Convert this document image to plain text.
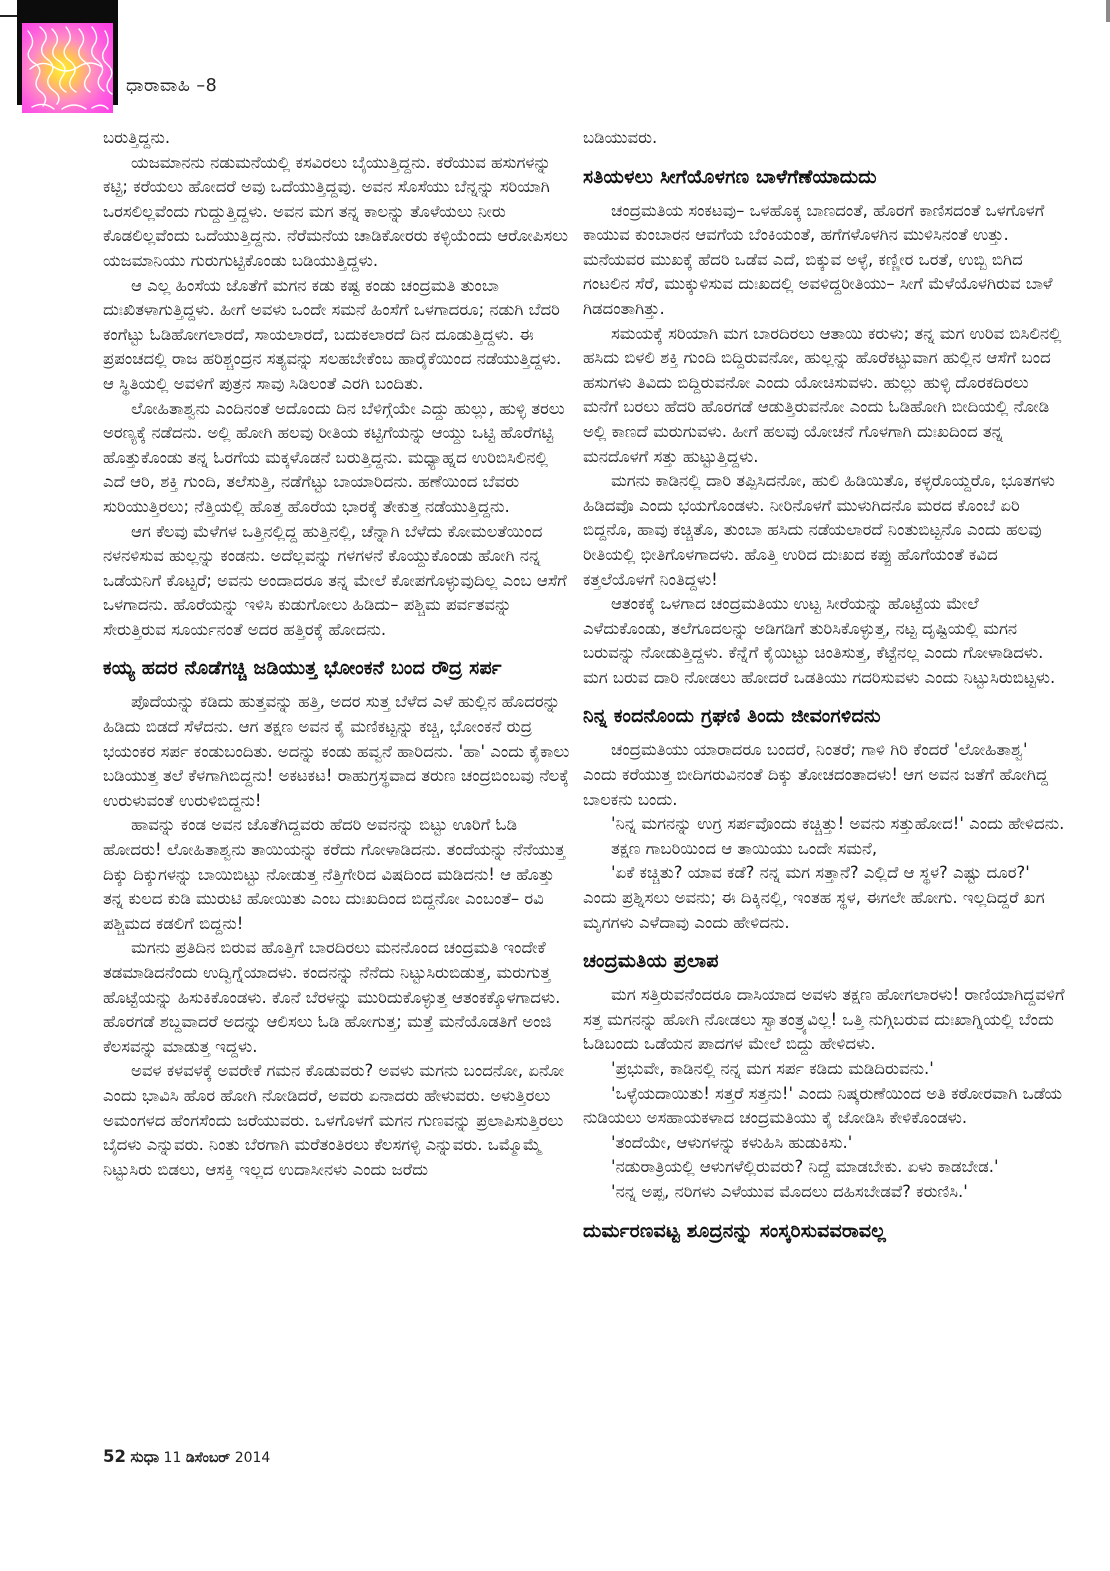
ಧಾರಾವಾಹಿ –8

ಬರುತ್ತಿದ್ದನು.

ಯಜಮಾನನು ನಡುಮನೆಯಲ್ಲಿ ಕಸವಿರಲು ಬೈಯುತ್ತಿದ್ದನು. ಕರೆಯುವ ಹಸುಗಳನ್ನು ಕಟ್ಟಿ; ಕರೆಯಲು ಹೋದರೆ ಅವು ಒದೆಯುತ್ತಿದ್ದವು. ಅವನ ಸೊಸೆಯು ಬೆನ್ನನ್ನು ಸರಿಯಾಗಿ ಒರಸಲಿಲ್ಲವೆಂದು ಗುದ್ದುತ್ತಿದ್ದಳು. ಅವನ ಮಗ ತನ್ನ ಕಾಲನ್ನು ತೊಳೆಯಲು ನೀರು ಕೊಡಲಿಲ್ಲವೆಂದು ಒದೆಯುತ್ತಿದ್ದನು. ನೆರೆಮನೆಯ ಚಾಡಿಕೋರರು ಕಳ್ಳಿಯೆಂದು ಆರೋಪಿಸಲು ಯಜಮಾನಿಯು ಗುರುಗುಟ್ಟಿಕೊಂಡು ಬಡಿಯುತ್ತಿದ್ದಳು.

ಆ ಎಲ್ಲ ಹಿಂಸೆಯ ಜೊತೆಗೆ ಮಗನ ಕಡು ಕಷ್ಟ ಕಂಡು ಚಂದ್ರಮತಿ ತುಂಬಾ ದುಃಖಿತಳಾಗುತ್ತಿದ್ದಳು. ಹೀಗೆ ಅವಳು ಒಂದೇ ಸಮನೆ ಹಿಂಸೆಗೆ ಒಳಗಾದರೂ; ನಡುಗಿ ಬೆದರಿ ಕಂಗೆಟ್ಟು ಓಡಿಹೋಗಲಾರದೆ, ಸಾಯಲಾರದೆ, ಬದುಕಲಾರದೆ ದಿನ ದೂಡುತ್ತಿದ್ದಳು. ಈ ಪ್ರಪಂಚದಲ್ಲಿ ರಾಜ ಹರಿಶ್ಚಂದ್ರನ ಸತ್ಯವನ್ನು ಸಲಹಬೇಕೆಂಬ ಹಾರೈಕೆಯಿಂದ ನಡೆಯುತ್ತಿದ್ದಳು. ಆ ಸ್ಥಿತಿಯಲ್ಲಿ ಅವಳಿಗೆ ಪುತ್ರನ ಸಾವು ಸಿಡಿಲಂತೆ ಎರಗಿ ಬಂದಿತು.

ಲೋಹಿತಾಶ್ವನು ಎಂದಿನಂತೆ ಅದೊಂದು ದಿನ ಬೆಳಿಗ್ಗೆಯೇ ಎದ್ದು ಹುಲ್ಲು, ಹುಳ್ಳಿ ತರಲು ಅರಣ್ಯಕ್ಕೆ ನಡೆದನು. ಅಲ್ಲಿ ಹೋಗಿ ಹಲವು ರೀತಿಯ ಕಟ್ಟಿಗೆಯನ್ನು ಆಯ್ದು ಒಟ್ಟಿ ಹೊರೆಗಟ್ಟಿ ಹೊತ್ತುಕೊಂಡು ತನ್ನ ಓರಗೆಯ ಮಕ್ಕಳೊಡನೆ ಬರುತ್ತಿದ್ದನು. ಮಧ್ಯಾಹ್ನದ ಉರಿಬಿಸಿಲಿನಲ್ಲಿ ಎದೆ ಆರಿ, ಶಕ್ತಿ ಗುಂದಿ, ತಲೆಸುತ್ತಿ, ನಡೆಗೆಟ್ಟು ಬಾಯಾರಿದನು. ಹಣೆಯಿಂದ ಬೆವರು ಸುರಿಯುತ್ತಿರಲು; ನೆತ್ತಿಯಲ್ಲಿ ಹೊತ್ತ ಹೊರೆಯ ಭಾರಕ್ಕೆ ತೇಕುತ್ತ ನಡೆಯುತ್ತಿದ್ದನು.

ಆಗ ಕೆಲವು ಮೆಳೆಗಳ ಒತ್ತಿನಲ್ಲಿದ್ದ ಹುತ್ತಿನಲ್ಲಿ, ಚೆನ್ನಾಗಿ ಬೆಳೆದು ಕೋಮಲತೆಯಿಂದ ನಳನಳಿಸುವ ಹುಲ್ಲನ್ನು ಕಂಡನು. ಅದೆಲ್ಲವನ್ನು ಗಳಗಳನೆ ಕೊಯ್ದುಕೊಂಡು ಹೋಗಿ ನನ್ನ ಒಡೆಯನಿಗೆ ಕೊಟ್ಟರೆ; ಅವನು ಅಂದಾದರೂ ತನ್ನ ಮೇಲೆ ಕೋಪಗೊಳ್ಳುವುದಿಲ್ಲ ಎಂಬ ಆಸೆಗೆ ಒಳಗಾದನು. ಹೊರೆಯನ್ನು ಇಳಿಸಿ ಕುಡುಗೋಲು ಹಿಡಿದು– ಪಶ್ಚಿಮ ಪರ್ವತವನ್ನು ಸೇರುತ್ತಿರುವ ಸೂರ್ಯನಂತೆ ಅದರ ಹತ್ತಿರಕ್ಕೆ ಹೋದನು.

ಕಯ್ಯ ಹದರ ನೊಡೆಗಚ್ಚಿ ಜಡಿಯುತ್ತ ಭೋಂಕನೆ ಬಂದ ರೌದ್ರ ಸರ್ಪ

ಪೊದೆಯನ್ನು ಕಡಿದು ಹುತ್ತವನ್ನು ಹತ್ತಿ, ಅದರ ಸುತ್ತ ಬೆಳೆದ ಎಳೆ ಹುಲ್ಲಿನ ಹೊದರನ್ನು ಹಿಡಿದು ಬಿಡದೆ ಸೆಳೆದನು. ಆಗ ತಕ್ಷಣ ಅವನ ಕೈ ಮಣಿಕಟ್ಟನ್ನು ಕಚ್ಚಿ, ಭೋಂಕನೆ ರುದ್ರ ಭಯಂಕರ ಸರ್ಪ ಕಂಡುಬಂದಿತು. ಅದನ್ನು ಕಂಡು ಹವ್ವನೆ ಹಾರಿದನು. 'ಹಾ' ಎಂದು ಕೈಕಾಲು ಬಡಿಯುತ್ತ ತಲೆ ಕೆಳಗಾಗಿಬಿದ್ದನು! ಅಕಟಕಟ! ರಾಹುಗ್ರಸ್ಥವಾದ ತರುಣ ಚಂದ್ರಬಿಂಬವು ನೆಲಕ್ಕೆ ಉರುಳುವಂತೆ ಉರುಳಿಬಿದ್ದನು!

ಹಾವನ್ನು ಕಂಡ ಅವನ ಜೊತೆಗಿದ್ದವರು ಹೆದರಿ ಅವನನ್ನು ಬಿಟ್ಟು ಊರಿಗೆ ಓಡಿ ಹೋದರು! ಲೋಹಿತಾಶ್ವನು ತಾಯಿಯನ್ನು ಕರೆದು ಗೋಳಾಡಿದನು. ತಂದೆಯನ್ನು ನೆನೆಯುತ್ತ ದಿಕ್ಕು ದಿಕ್ಕುಗಳನ್ನು ಬಾಯಿಬಿಟ್ಟು ನೋಡುತ್ತ ನೆತ್ತಿಗೇರಿದ ವಿಷದಿಂದ ಮಡಿದನು! ಆ ಹೊತ್ತು ತನ್ನ ಕುಲದ ಕುಡಿ ಮುರುಟಿ ಹೋಯಿತು ಎಂಬ ದುಃಖದಿಂದ ಬಿದ್ದನೋ ಎಂಬಂತೆ– ರವಿ ಪಶ್ಚಿಮದ ಕಡಲಿಗೆ ಬಿದ್ದನು!

ಮಗನು ಪ್ರತಿದಿನ ಬಿರುವ ಹೊತ್ತಿಗೆ ಬಾರದಿರಲು ಮನನೊಂದ ಚಂದ್ರಮತಿ ಇಂದೇಕೆ ತಡಮಾಡಿದನೆಂದು ಉದ್ವಿಗ್ನೆಯಾದಳು. ಕಂದನನ್ನು ನೆನೆದು ನಿಟ್ಟುಸಿರುಬಿಡುತ್ತ, ಮರುಗುತ್ತ ಹೊಟ್ಟೆಯನ್ನು ಹಿಸುಕಿಕೊಂಡಳು. ಕೊನೆ ಬೆರಳನ್ನು ಮುರಿದುಕೊಳ್ಳುತ್ತ ಆತಂಕಕ್ಕೊಳಗಾದಳು. ಹೊರಗಡೆ ಶಬ್ದವಾದರೆ ಅದನ್ನು ಆಲಿಸಲು ಓಡಿ ಹೋಗುತ್ತ; ಮತ್ತೆ ಮನೆಯೊಡತಿಗೆ ಅಂಜಿ ಕೆಲಸವನ್ನು ಮಾಡುತ್ತ ಇದ್ದಳು.

ಅವಳ ಕಳವಳಕ್ಕೆ ಅವರೇಕೆ ಗಮನ ಕೊಡುವರು? ಅವಳು ಮಗನು ಬಂದನೋ, ಏನೋ ಎಂದು ಭಾವಿಸಿ ಹೊರ ಹೋಗಿ ನೋಡಿದರೆ, ಅವರು ಏನಾದರು ಹೇಳುವರು. ಅಳುತ್ತಿರಲು ಅಮಂಗಳದ ಹೆಂಗಸೆಂದು ಜರೆಯುವರು. ಒಳಗೊಳಗೆ ಮಗನ ಗುಣವನ್ನು ಪ್ರಲಾಪಿಸುತ್ತಿರಲು ಬೈದಳು ಎನ್ನುವರು. ನಿಂತು ಬೆರಗಾಗಿ ಮರೆತಂತಿರಲು ಕೆಲಸಗಳ್ಳಿ ಎನ್ನುವರು. ಒಮ್ಮೊಮ್ಮೆ ನಿಟ್ಟುಸಿರು ಬಿಡಲು, ಆಸಕ್ತಿ ಇಲ್ಲದ ಉದಾಸೀನಳು ಎಂದು ಜರೆದು

ಬಡಿಯುವರು.

ಸತಿಯಳಲು ಸೀಗೆಯೊಳಗಣ ಬಾಳೆಗೆಣೆಯಾದುದು

ಚಂದ್ರಮತಿಯ ಸಂಕಟವು– ಒಳಹೊಕ್ಕ ಬಾಣದಂತೆ, ಹೊರಗೆ ಕಾಣಿಸದಂತೆ ಒಳಗೊಳಗೆ ಕಾಯುವ ಕುಂಬಾರನ ಆವಗೆಯ ಬೆಂಕಿಯಂತೆ, ಹಗೆಗಳೊಳಗಿನ ಮುಳಿಸಿನಂತೆ ಉತ್ತು. ಮನೆಯವರ ಮುಖಕ್ಕೆ ಹೆದರಿ ಒಡೆವ ಎದೆ, ಬಿಕ್ಕುವ ಅಳ್ಳೆ, ಕಣ್ಣೀರ ಒರತೆ, ಉಬ್ಬಿ ಬಿಗಿದ ಗಂಟಲಿನ ಸೆರೆ, ಮುಕ್ಕುಳಿಸುವ ದುಃಖದಲ್ಲಿ ಅವಳಿದ್ದರೀತಿಯು– ಸೀಗೆ ಮೆಳೆಯೊಳಗಿರುವ ಬಾಳೆ ಗಿಡದಂತಾಗಿತ್ತು.

ಸಮಯಕ್ಕೆ ಸರಿಯಾಗಿ ಮಗ ಬಾರದಿರಲು ಆತಾಯಿ ಕರುಳು; ತನ್ನ ಮಗ ಉರಿವ ಬಿಸಿಲಿನಲ್ಲಿ ಹಸಿದು ಬಿಳಲಿ ಶಕ್ತಿ ಗುಂದಿ ಬಿದ್ದಿರುವನೋ, ಹುಲ್ಲನ್ನು ಹೊರೆಕಟ್ಟುವಾಗ ಹುಲ್ಲಿನ ಆಸೆಗೆ ಬಂದ ಹಸುಗಳು ತಿವಿದು ಬಿದ್ದಿರುವನೋ ಎಂದು ಯೋಚಿಸುವಳು. ಹುಲ್ಲು ಹುಳ್ಳಿ ದೊರಕದಿರಲು ಮನೆಗೆ ಬರಲು ಹೆದರಿ ಹೊರಗಡೆ ಆಡುತ್ತಿರುವನೋ ಎಂದು ಓಡಿಹೋಗಿ ಬೀದಿಯಲ್ಲಿ ನೋಡಿ ಅಲ್ಲಿ ಕಾಣದೆ ಮರುಗುವಳು. ಹೀಗೆ ಹಲವು ಯೋಚನೆ ಗೊಳಗಾಗಿ ದುಃಖದಿಂದ ತನ್ನ ಮನದೊಳಗೆ ಸತ್ತು ಹುಟ್ಟುತ್ತಿದ್ದಳು.

ಮಗನು ಕಾಡಿನಲ್ಲಿ ದಾರಿ ತಪ್ಪಿಸಿದನೋ, ಹುಲಿ ಹಿಡಿಯಿತೊ, ಕಳ್ಳರೊಯ್ದರೊ, ಭೂತಗಳು ಹಿಡಿದವೊ ಎಂದು ಭಯಗೊಂಡಳು. ನೀರಿನೊಳಗೆ ಮುಳುಗಿದನೊ ಮರದ ಕೊಂಬೆ ಏರಿ ಬಿದ್ದನೊ, ಹಾವು ಕಚ್ಚಿತೊ, ತುಂಬಾ ಹಸಿದು ನಡೆಯಲಾರದೆ ನಿಂತುಬಿಟ್ಟನೊ ಎಂದು ಹಲವು ರೀತಿಯಲ್ಲಿ ಭೀತಿಗೊಳಗಾದಳು. ಹೊತ್ತಿ ಉರಿದ ದುಃಖದ ಕಪ್ಪು ಹೊಗೆಯಂತೆ ಕವಿದ ಕತ್ತಲೆಯೊಳಗೆ ನಿಂತಿದ್ದಳು!

ಆತಂಕಕ್ಕೆ ಒಳಗಾದ ಚಂದ್ರಮತಿಯು ಉಟ್ಟ ಸೀರೆಯನ್ನು ಹೊಟ್ಟೆಯ ಮೇಲೆ ಎಳೆದುಕೊಂಡು, ತಲೆಗೂದಲನ್ನು ಅಡಿಗಡಿಗೆ ತುರಿಸಿಕೊಳ್ಳುತ್ತ, ನಟ್ಟ ದೃಷ್ಟಿಯಲ್ಲಿ ಮಗನ ಬರುವನ್ನು ನೋಡುತ್ತಿದ್ದಳು. ಕೆನ್ನೆಗೆ ಕೈಯಿಟ್ಟು ಚಿಂತಿಸುತ್ತ, ಕೆಟ್ಟೆನಲ್ಲ ಎಂದು ಗೋಳಾಡಿದಳು. ಮಗ ಬರುವ ದಾರಿ ನೋಡಲು ಹೋದರೆ ಒಡತಿಯು ಗದರಿಸುವಳು ಎಂದು ನಿಟ್ಟುಸಿರುಬಿಟ್ಟಳು.

ನಿನ್ನ ಕಂದನೊಂದು ಗ್ರಘಣಿ ತಿಂದು ಜೀವಂಗಳಿದನು

ಚಂದ್ರಮತಿಯು ಯಾರಾದರೂ ಬಂದರೆ, ನಿಂತರೆ; ಗಾಳಿ ಗಿರಿ ಕೆಂದರೆ 'ಲೋಹಿತಾಶ್ವ' ಎಂದು ಕರೆಯುತ್ತ ಬೀದಿಗರುವಿನಂತೆ ದಿಕ್ಕು ತೋಚದಂತಾದಳು! ಆಗ ಅವನ ಜತೆಗೆ ಹೋಗಿದ್ದ ಬಾಲಕನು ಬಂದು.

'ನಿನ್ನ ಮಗನನ್ನು ಉಗ್ರ ಸರ್ಪವೊಂದು ಕಚ್ಚಿತ್ತು! ಅವನು ಸತ್ತುಹೋದ!' ಎಂದು ಹೇಳಿದನು.

ತಕ್ಷಣ ಗಾಬರಿಯಿಂದ ಆ ತಾಯಿಯು ಒಂದೇ ಸಮನೆ,

'ಏಕೆ ಕಚ್ಚಿತು? ಯಾವ ಕಡೆ? ನನ್ನ ಮಗ ಸತ್ತಾನೆ? ಎಲ್ಲಿದೆ ಆ ಸ್ಥಳ? ಎಷ್ಟು ದೂರ?' ಎಂದು ಪ್ರಶ್ನಿಸಲು ಅವನು; ಈ ದಿಕ್ಕಿನಲ್ಲಿ, ಇಂತಹ ಸ್ಥಳ, ಈಗಲೇ ಹೋಗು. ಇಲ್ಲದಿದ್ದರೆ ಖಗ ಮೃಗಗಳು ಎಳೆದಾವು ಎಂದು ಹೇಳಿದನು.

ಚಂದ್ರಮತಿಯ ಪ್ರಲಾಪ

ಮಗ ಸತ್ತಿರುವನೆಂದರೂ ದಾಸಿಯಾದ ಅವಳು ತಕ್ಷಣ ಹೋಗಲಾರಳು! ರಾಣಿಯಾಗಿದ್ದವಳಿಗೆ ಸತ್ತ ಮಗನನ್ನು ಹೋಗಿ ನೋಡಲು ಸ್ವಾತಂತ್ರ್ಯವಿಲ್ಲ! ಒತ್ತಿ ನುಗ್ಗಿಬರುವ ದುಃಖಾಗ್ನಿಯಲ್ಲಿ ಬೆಂದು ಓಡಿಬಂದು ಒಡೆಯನ ಪಾದಗಳ ಮೇಲೆ ಬಿದ್ದು ಹೇಳಿದಳು.

'ಪ್ರಭುವೇ, ಕಾಡಿನಲ್ಲಿ ನನ್ನ ಮಗ ಸರ್ಪ ಕಡಿದು ಮಡಿದಿರುವನು.'

'ಒಳ್ಳೆಯದಾಯಿತು! ಸತ್ತರೆ ಸತ್ತನು!' ಎಂದು ನಿಷ್ಕರುಣೆಯಿಂದ ಅತಿ ಕಠೋರವಾಗಿ ಒಡೆಯ ನುಡಿಯಲು ಅಸಹಾಯಕಳಾದ ಚಂದ್ರಮತಿಯು ಕೈ ಜೋಡಿಸಿ ಕೇಳಿಕೊಂಡಳು.

'ತಂದೆಯೇ, ಆಳುಗಳನ್ನು ಕಳುಹಿಸಿ ಹುಡುಕಿಸು.'

'ನಡುರಾತ್ರಿಯಲ್ಲಿ ಆಳುಗಳೆಲ್ಲಿರುವರು? ನಿದ್ದೆ ಮಾಡಬೇಕು. ಏಳು ಕಾಡಬೇಡ.'

'ನನ್ನ ಅಪ್ಪ, ನರಿಗಳು ಎಳೆಯುವ ಮೊದಲು ದಹಿಸಬೇಡವೆ? ಕರುಣಿಸಿ.'

ದುರ್ಮರಣವಟ್ಟ ಶೂದ್ರನನ್ನು ಸಂಸ್ಕರಿಸುವವರಾವಲ್ಲ
52 ಸುಧಾ 11 ಡಿಸೆಂಬರ್ 2014
